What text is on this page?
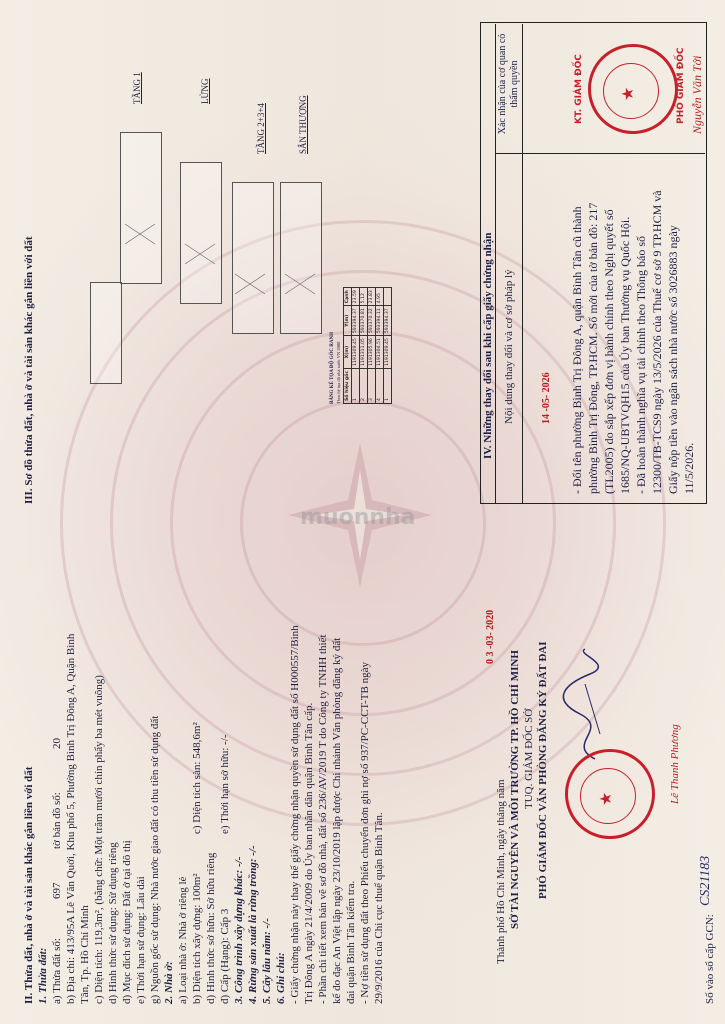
muonnha
II. Thửa đất, nhà ở và tài sản khác gắn liền với đất 1. Thửa đất: a) Thửa đất số:
697
tờ bản đồ số:
20 b) Địa chỉ: 413/95A Lê Văn Quới, Khu phố 5, Phường Bình Trị Đông A, Quận Bình Tân, Tp. Hồ Chí Minh c) Diện tích: 119,3m², (bằng chữ: Một trăm mười chín phẩy ba mét vuông) d) Hình thức sử dụng: Sử dụng riêng đ) Mục đích sử dụng: Đất ở tại đô thị e) Thời hạn sử dụng: Lâu dài g) Nguồn gốc sử dụng: Nhà nước giao đất có thu tiền sử dụng đất 2. Nhà ở: a) Loại nhà ở: Nhà ở riêng lẻ b) Diện tích xây dựng: 100m²
c) Diện tích sàn: 548,6m²
d) Hình thức sở hữu: Sở hữu riêng đ) Cấp (Hạng): Cấp 3
e) Thời hạn sở hữu: -/-
3. Công trình xây dựng khác: -/- 4. Rừng sản xuất là rừng trồng: -/- 5. Cây lâu năm: -/- 6. Ghi chú: - Giấy chứng nhận này thay thế giấy chứng nhận quyền sử dụng đất số H000557/Bình Trị Đông A ngày 21/4/2009 do Ủy ban nhân dân quận Bình Tân cấp. - Phần chi tiết xem bản vẽ sơ đồ nhà, đất số 236/AV/2019 T do Công ty TNHH thiết kế đo đạc An Việt lập ngày 23/10/2019 lập được Chi nhánh Văn phòng đăng ký đất đai quận Bình Tân kiểm tra. - Nợ tiền sử dụng đất theo Phiếu chuyển đơn ghi nợ số 937/PC-CCT-TB ngày 29/9/2016 của Chi cục thuế quận Bình Tân.	Thành phố Hồ Chí Minh, ngày tháng năm
0 3 -03- 2020
SỞ TÀI NGUYÊN VÀ MÔI TRƯỜNG TP. HỒ CHÍ MINH TUQ. GIÁM ĐỐC SỞ PHÓ GIÁM ĐỐC VĂN PHÒNG ĐĂNG KÝ ĐẤT ĐAI	Lê Thanh Phương
★
Số vào sổ cấp GCN:
CS21183
III. Sơ đồ thửa đất, nhà ở và tài sản khác gắn liền với đất
TẦNG 1	LỬNG
TẦNG 2+3+4	SÂN THƯỢNG
BẢNG KÊ TỌA ĐỘ GÓC RANH Theo hệ tọa độ nhà nước VN 2000 Số hiệu góc	X(m)	Y(m)	Cạnh
1	1191309.45	593394.37	23.59
2	1191311.05	593370.81	5.12
3	1191305.96	593370.32	23.83
4	1191304.51	593394.11	4.95
1	1191309.45	593394.37		IV. Những thay đổi sau khi cấp giấy chứng nhận Nội dung thay đổi và cơ sở pháp lý
Xác nhận của cơ quan có thẩm quyền
14 -05- 2026 - Đổi tên phường Bình Trị Đông A, quận Bình Tân cũ thành phường Bình Trị Đông, TP.HCM. Số mới của tờ bản đồ: 217 (TL2005) do sắp xếp đơn vị hành chính theo Nghị quyết số 1685/NQ-UBTVQH15 của Ủy ban Thường vụ Quốc Hội. - Đã hoàn thành nghĩa vụ tài chính theo Thông báo số 12300/TB-TCS9 ngày 13/5/2026 của Thuế cơ sở 9 TP.HCM và Giấy nộp tiền vào ngân sách nhà nước số 3026883 ngày 11/5/2026.
★
KT. GIÁM ĐỐC	PHÓ GIÁM ĐỐC Nguyễn Văn Tới
